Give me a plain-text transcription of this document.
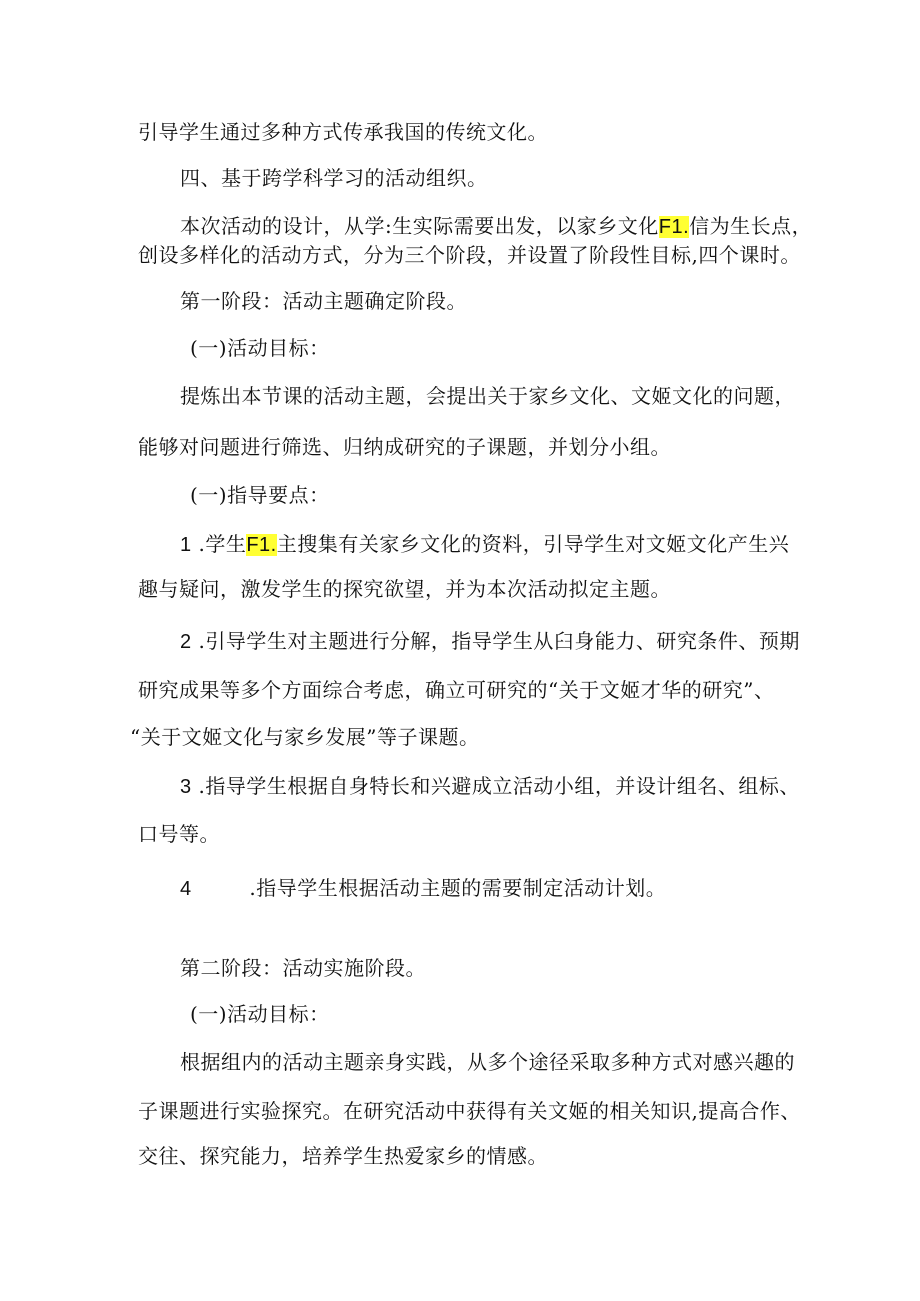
引导学生通过多种方式传承我国的传统文化。
四、基于跨学科学习的活动组织。
本次活动的设计，从学:生实际需要出发，以家乡文化F1.信为生长点，
创设多样化的活动方式，分为三个阶段，并设置了阶段性目标,四个课时。
第一阶段：活动主题确定阶段。
(一)活动目标：
提炼出本节课的活动主题，会提出关于家乡文化、文姬文化的问题，
能够对问题进行筛选、归纳成研究的子课题，并划分小组。
(一)指导要点：
1 .学生F1.主搜集有关家乡文化的资料，引导学生对文姬文化产生兴
趣与疑问，激发学生的探究欲望，并为本次活动拟定主题。
2 .引导学生对主题进行分解，指导学生从臼身能力、研究条件、预期
研究成果等多个方面综合考虑，确立可研究的“关于文姬才华的研究”、
“关于文姬文化与家乡发展”等子课题。
3 .指导学生根据自身特长和兴避成立活动小组，并设计组名、组标、
口号等。
4	.指导学生根据活动主题的需要制定活动计划。
第二阶段：活动实施阶段。
(一)活动目标：
根据组内的活动主题亲身实践，从多个途径采取多种方式对感兴趣的
子课题进行实验探究。在研究活动中获得有关文姬的相关知识,提高合作、
交往、探究能力，培养学生热爱家乡的情感。
